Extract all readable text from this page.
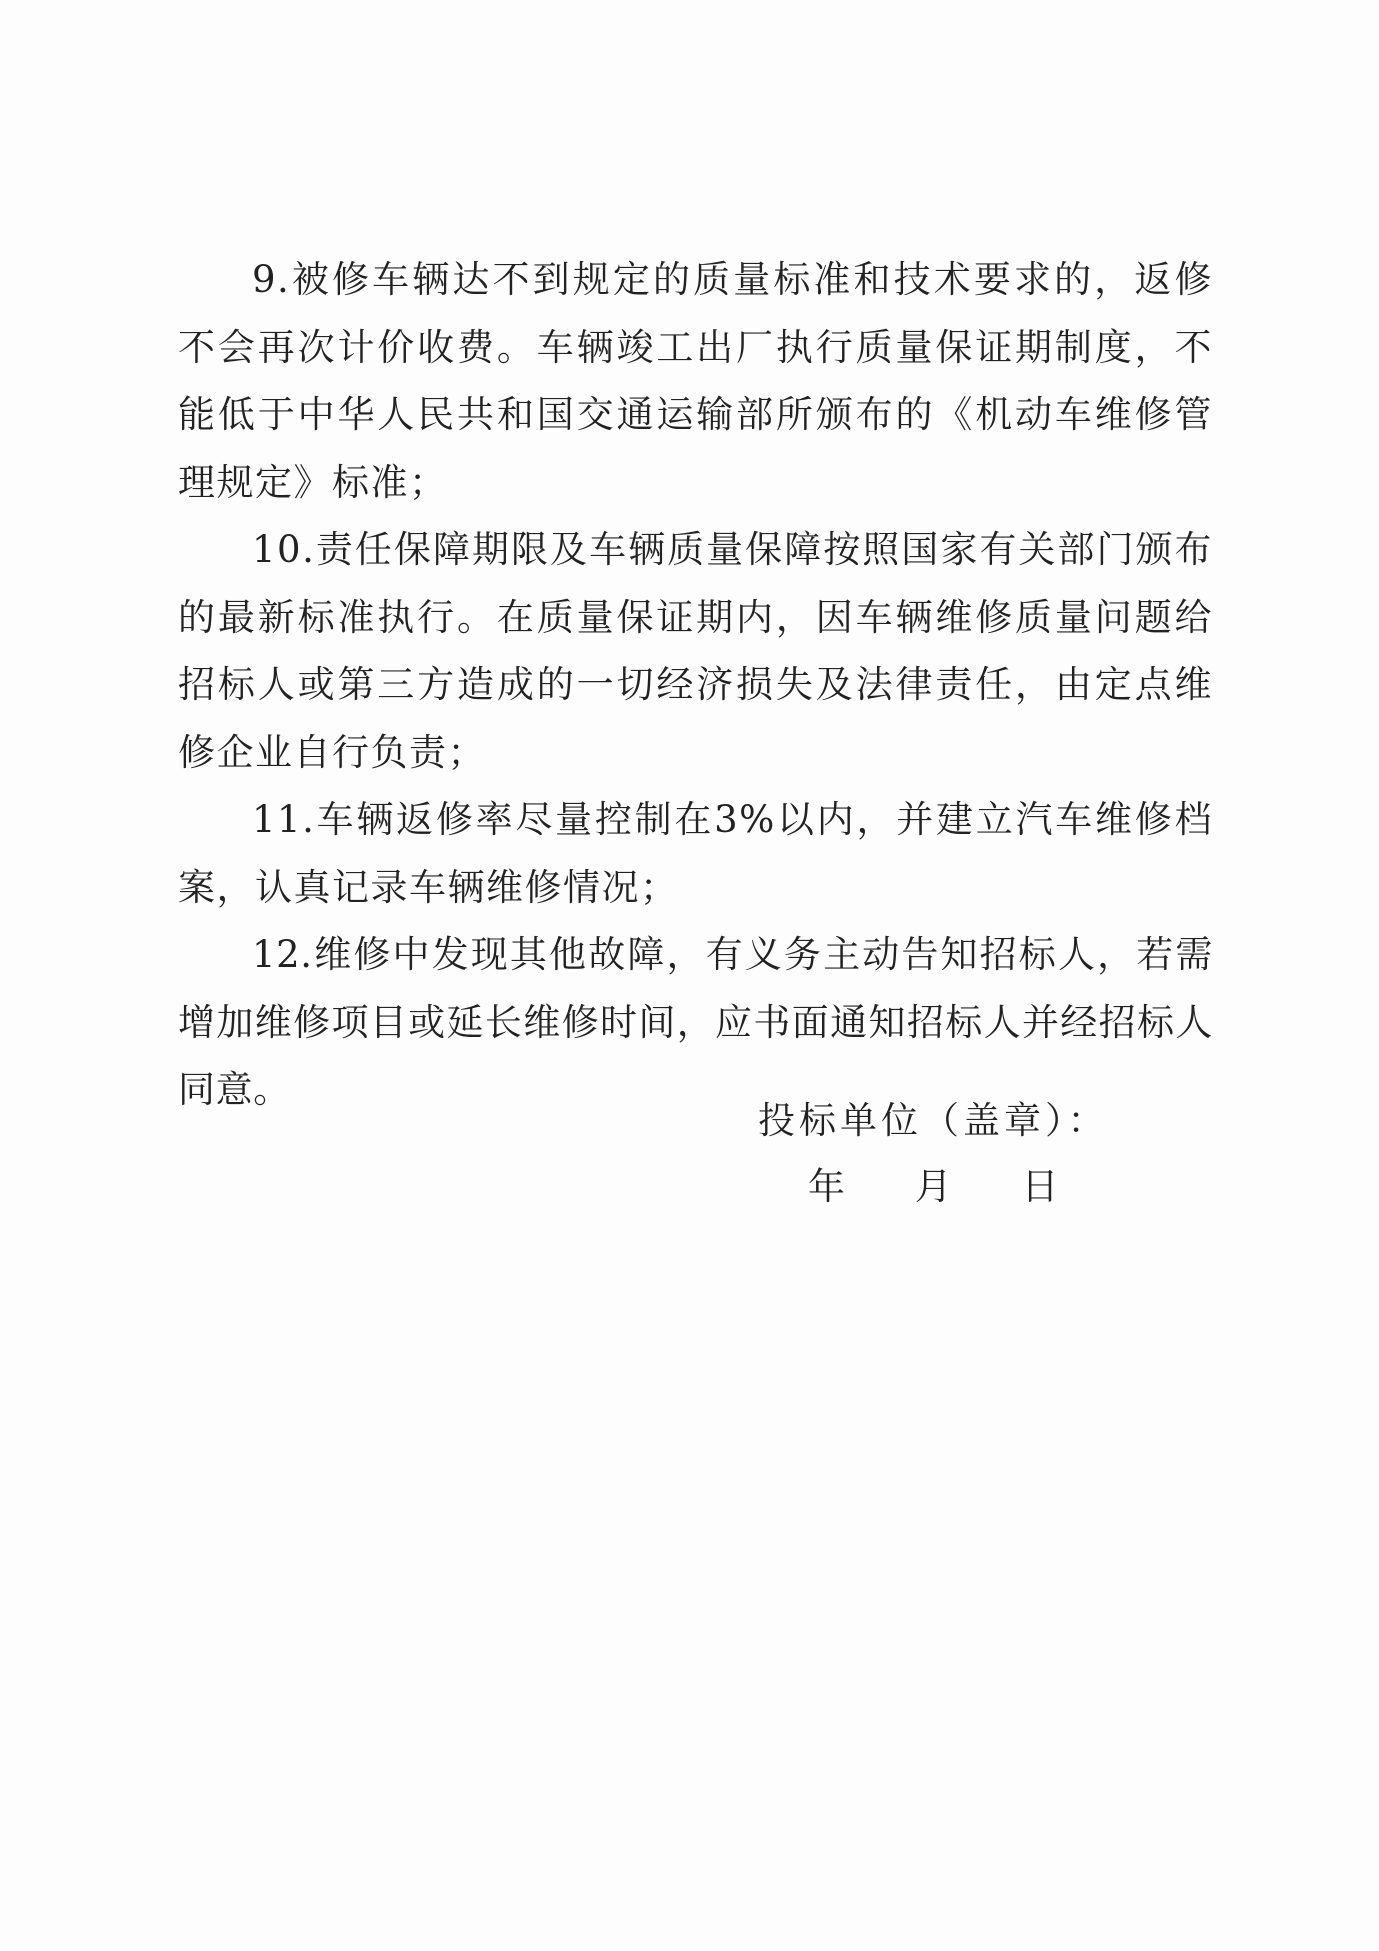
9.被修车辆达不到规定的质量标准和技术要求的，返修不会再次计价收费。车辆竣工出厂执行质量保证期制度，不能低于中华人民共和国交通运输部所颁布的《机动车维修管理规定》标准；

10.责任保障期限及车辆质量保障按照国家有关部门颁布的最新标准执行。在质量保证期内，因车辆维修质量问题给招标人或第三方造成的一切经济损失及法律责任，由定点维修企业自行负责；

11.车辆返修率尽量控制在3%以内，并建立汽车维修档案，认真记录车辆维修情况；

12.维修中发现其他故障，有义务主动告知招标人，若需增加维修项目或延长维修时间，应书面通知招标人并经招标人同意。

投标单位（盖章）：
年 月 日
